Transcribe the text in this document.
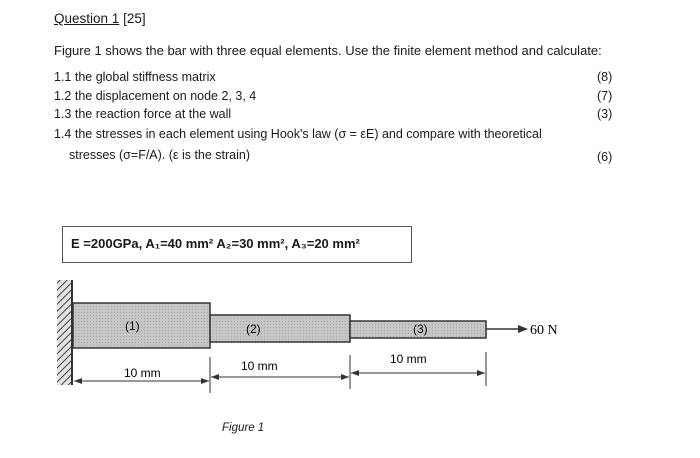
Question 1 [25]
Figure 1 shows the bar with three equal elements. Use the finite element method and calculate:
1.1 the global stiffness matrix	(8)
1.2 the displacement on node 2, 3, 4	(7)
1.3 the reaction force at the wall	(3)
1.4 the stresses in each element using Hook's law (σ = εE) and compare with theoretical
stresses (σ=F/A). (ε is the strain)	(6)
E =200GPa, A₁=40 mm² A₂=30 mm², A₃=20 mm²
(1)	(2)	(3)	60 N
10 mm	10 mm	10 mm
Figure 1
